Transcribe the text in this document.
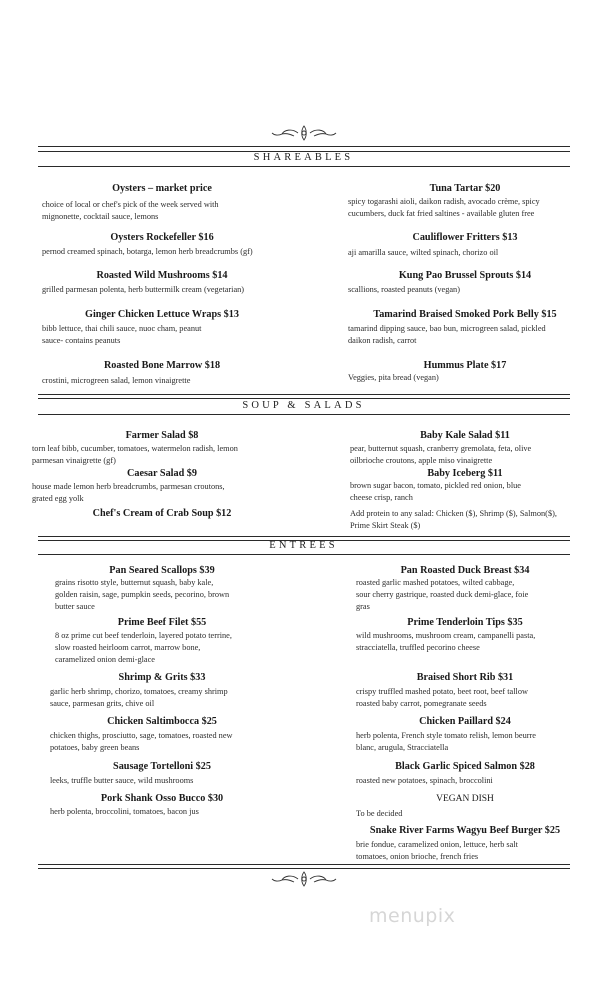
SHAREABLES
Oysters – market price
choice of local or chef's pick of the week served with
mignonette, cocktail sauce, lemons
Oysters Rockefeller $16
pernod creamed spinach, botarga, lemon herb breadcrumbs (gf)
Roasted Wild Mushrooms $14
grilled parmesan polenta, herb buttermilk cream (vegetarian)
Ginger Chicken Lettuce Wraps $13
bibb lettuce, thai chili sauce, nuoc cham, peanut
sauce- contains peanuts
Roasted Bone Marrow $18
crostini, microgreen salad, lemon vinaigrette
Tuna Tartar $20
spicy togarashi aioli, daikon radish, avocado crème, spicy
cucumbers, duck fat fried saltines - available gluten free
Cauliflower Fritters $13
aji amarilla sauce, wilted spinach, chorizo oil
Kung Pao Brussel Sprouts $14
scallions, roasted peanuts (vegan)
Tamarind Braised Smoked Pork Belly $15
tamarind dipping sauce, bao bun, microgreen salad, pickled
daikon radish, carrot
Hummus Plate $17
Veggies, pita bread (vegan)
SOUP & SALADS
Farmer Salad $8
torn leaf bibb, cucumber, tomatoes, watermelon radish, lemon
parmesan vinaigrette (gf)
Caesar Salad $9
house made lemon herb breadcrumbs, parmesan croutons,
grated egg yolk
Chef's Cream of Crab Soup $12
Baby Kale Salad $11
pear, butternut squash, cranberry gremolata, feta, olive
oilbrioche croutons, apple miso vinaigrette
Baby Iceberg $11
brown sugar bacon, tomato, pickled red onion, blue
cheese crisp, ranch
Add protein to any salad: Chicken ($), Shrimp ($), Salmon($),
Prime Skirt Steak ($)
ENTREES
Pan Seared Scallops $39
grains risotto style, butternut squash, baby kale,
golden raisin, sage, pumpkin seeds, pecorino, brown
butter sauce
Prime Beef Filet $55
8 oz prime cut beef tenderloin, layered potato terrine,
slow roasted heirloom carrot, marrow bone,
caramelized onion demi-glace
Shrimp & Grits $33
garlic herb shrimp, chorizo, tomatoes, creamy shrimp
sauce, parmesan grits, chive oil
Chicken Saltimbocca $25
chicken thighs, prosciutto, sage, tomatoes, roasted new
potatoes, baby green beans
Sausage Tortelloni $25
leeks, truffle butter sauce, wild mushrooms
Pork Shank Osso Bucco $30
herb polenta, broccolini, tomatoes, bacon jus
Pan Roasted Duck Breast $34
roasted garlic mashed potatoes, wilted cabbage,
sour cherry gastrique, roasted duck demi-glace, foie
gras
Prime Tenderloin Tips $35
wild mushrooms, mushroom cream, campanelli pasta,
stracciatella, truffled pecorino cheese
Braised Short Rib $31
crispy truffled mashed potato, beet root, beef tallow
roasted baby carrot, pomegranate seeds
Chicken Paillard $24
herb polenta, French style tomato relish, lemon beurre
blanc, arugula, Stracciatella
Black Garlic Spiced Salmon $28
roasted new potatoes, spinach, broccolini
VEGAN DISH
To be decided
Snake River Farms Wagyu Beef Burger $25
brie fondue, caramelized onion, lettuce, herb salt
tomatoes, onion brioche, french fries
menupix
